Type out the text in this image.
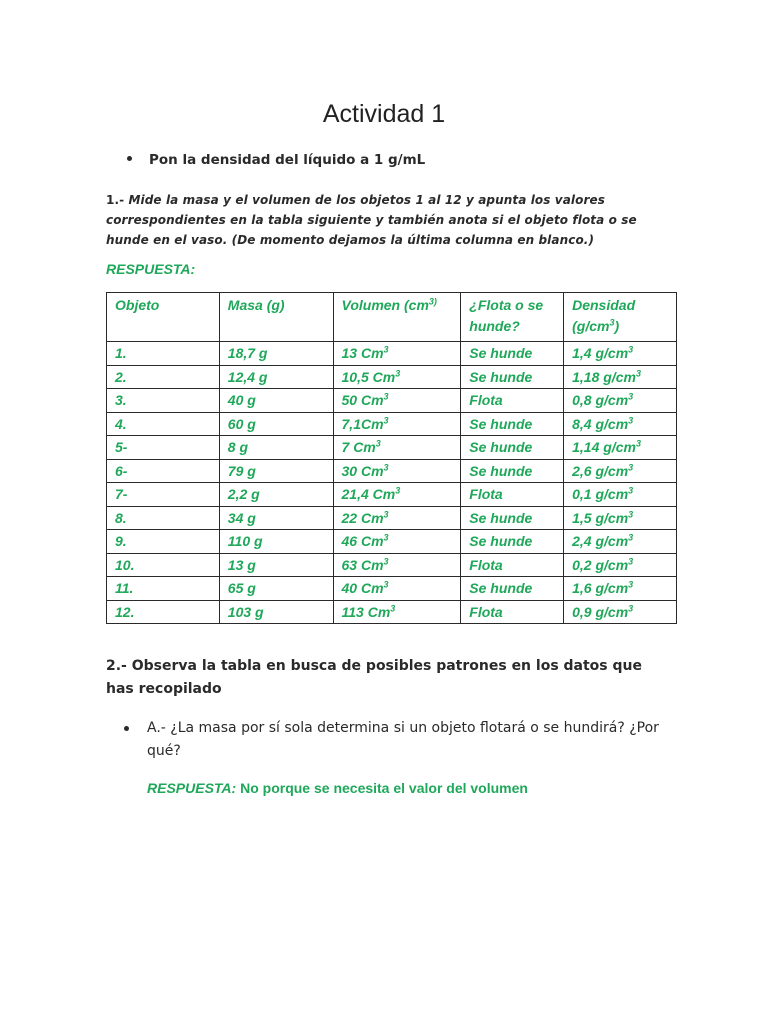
Actividad 1
Pon la densidad del líquido a 1 g/mL
1.- Mide la masa y el volumen de los objetos 1 al 12 y apunta los valores
correspondientes en la tabla siguiente y también anota si el objeto flota o se
hunde en el vaso. (De momento dejamos la última columna en blanco.)
RESPUESTA:
Objeto	Masa (g)	Volumen ($cm^{3)}$	¿Flota o se
hunde?	Densidad
$(g/cm^3)$
1.	18,7 g	13 Cm$^3$	Se hunde	1,4 $g/cm^3$
2.	12,4 g	10,5 Cm$^3$	Se hunde	1,18 $g/cm^3$
3.	40 g	50 Cm$^3$	Flota	0,8 $g/cm^3$
4.	60 g	7,1Cm$^3$	Se hunde	8,4 $g/cm^3$
5-	8 g	7 Cm$^3$	Se hunde	1,14 $g/cm^3$
6-	79 g	30 Cm$^3$	Se hunde	2,6 $g/cm^3$
7-	2,2 g	21,4 Cm$^3$	Flota	0,1 $g/cm^3$
8.	34 g	22 Cm$^3$	Se hunde	1,5 $g/cm^3$
9.	110 g	46 Cm$^3$	Se hunde	2,4 $g/cm^3$
10.	13 g	63 Cm$^3$	Flota	0,2 $g/cm^3$
11.	65 g	40 Cm$^3$	Se hunde	1,6 $g/cm^3$
12.	103 g	113 Cm$^3$	Flota	0,9 $g/cm^3$
2.- Observa la tabla en busca de posibles patrones en los datos que has recopilado
A.- ¿La masa por sí sola determina si un objeto flotará o se hundirá? ¿Por qué?
RESPUESTA: No porque se necesita el valor del volumen
